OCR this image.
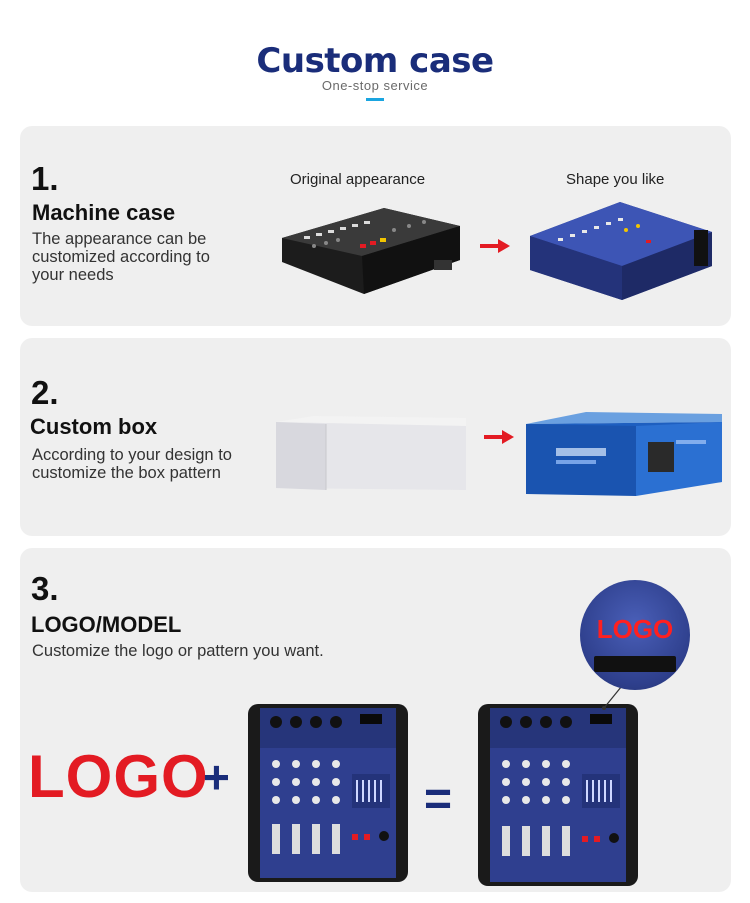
Custom case
One-stop service
1.
Machine case
The appearance can be
customized according to
your needs
Original appearance	Shape you like
2.
Custom box
According to your design to
customize the box pattern
3.
LOGO/MODEL
Customize the logo or pattern you want.
LOGO
+	=
LOGO
